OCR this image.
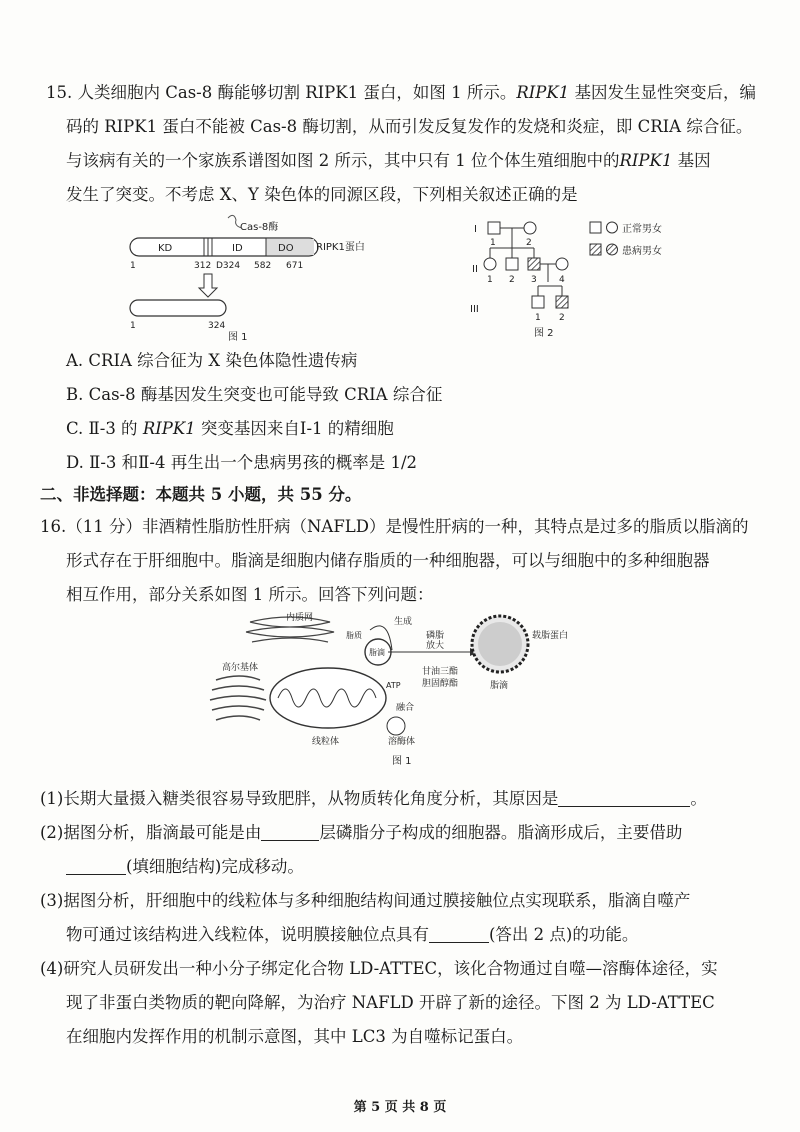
15. 人类细胞内 Cas-8 酶能够切割 RIPK1 蛋白，如图 1 所示。RIPK1 基因发生显性突变后，编
码的 RIPK1 蛋白不能被 Cas-8 酶切割，从而引发反复发作的发烧和炎症，即 CRIA 综合征。
与该病有关的一个家族系谱图如图 2 所示，其中只有 1 位个体生殖细胞中的RIPK1 基因
发生了突变。不考虑 X、Y 染色体的同源区段，下列相关叙述正确的是
Cas-8酶
KD	ID	DO RIPK1蛋白
1	312 D324 582 671
1	324
图 1
I
II
III
1	2
1 2 3 4
1 2
图 2
正常男女
患病男女
A. CRIA 综合征为 X 染色体隐性遗传病
B. Cas-8 酶基因发生突变也可能导致 CRIA 综合征
C. Ⅱ-3 的 RIPK1 突变基因来自Ⅰ-1 的精细胞
D. Ⅱ-3 和Ⅱ-4 再生出一个患病男孩的概率是 1/2
二、非选择题：本题共 5 小题，共 55 分。
16.（11 分）非酒精性脂肪性肝病（NAFLD）是慢性肝病的一种，其特点是过多的脂质以脂滴的
形式存在于肝细胞中。脂滴是细胞内储存脂质的一种细胞器，可以与细胞中的多种细胞器
相互作用，部分关系如图 1 所示。回答下列问题：
内质网
高尔基体
线粒体
脂滴
脂质
生成
ATP
融合
溶酶体
磷脂
放大
甘油三酯
胆固醇酯
载脂蛋白
脂滴
图 1
(1)长期大量摄入糖类很容易导致肥胖，从物质转化角度分析，其原因是	。
(2)据图分析，脂滴最可能是由	层磷脂分子构成的细胞器。脂滴形成后，主要借助
(填细胞结构)完成移动。
(3)据图分析，肝细胞中的线粒体与多种细胞结构间通过膜接触位点实现联系，脂滴自噬产
物可通过该结构进入线粒体，说明膜接触位点具有	(答出 2 点)的功能。
(4)研究人员研发出一种小分子绑定化合物 LD-ATTEC，该化合物通过自噬—溶酶体途径，实
现了非蛋白类物质的靶向降解，为治疗 NAFLD 开辟了新的途径。下图 2 为 LD-ATTEC
在细胞内发挥作用的机制示意图，其中 LC3 为自噬标记蛋白。
第 5 页 共 8 页
